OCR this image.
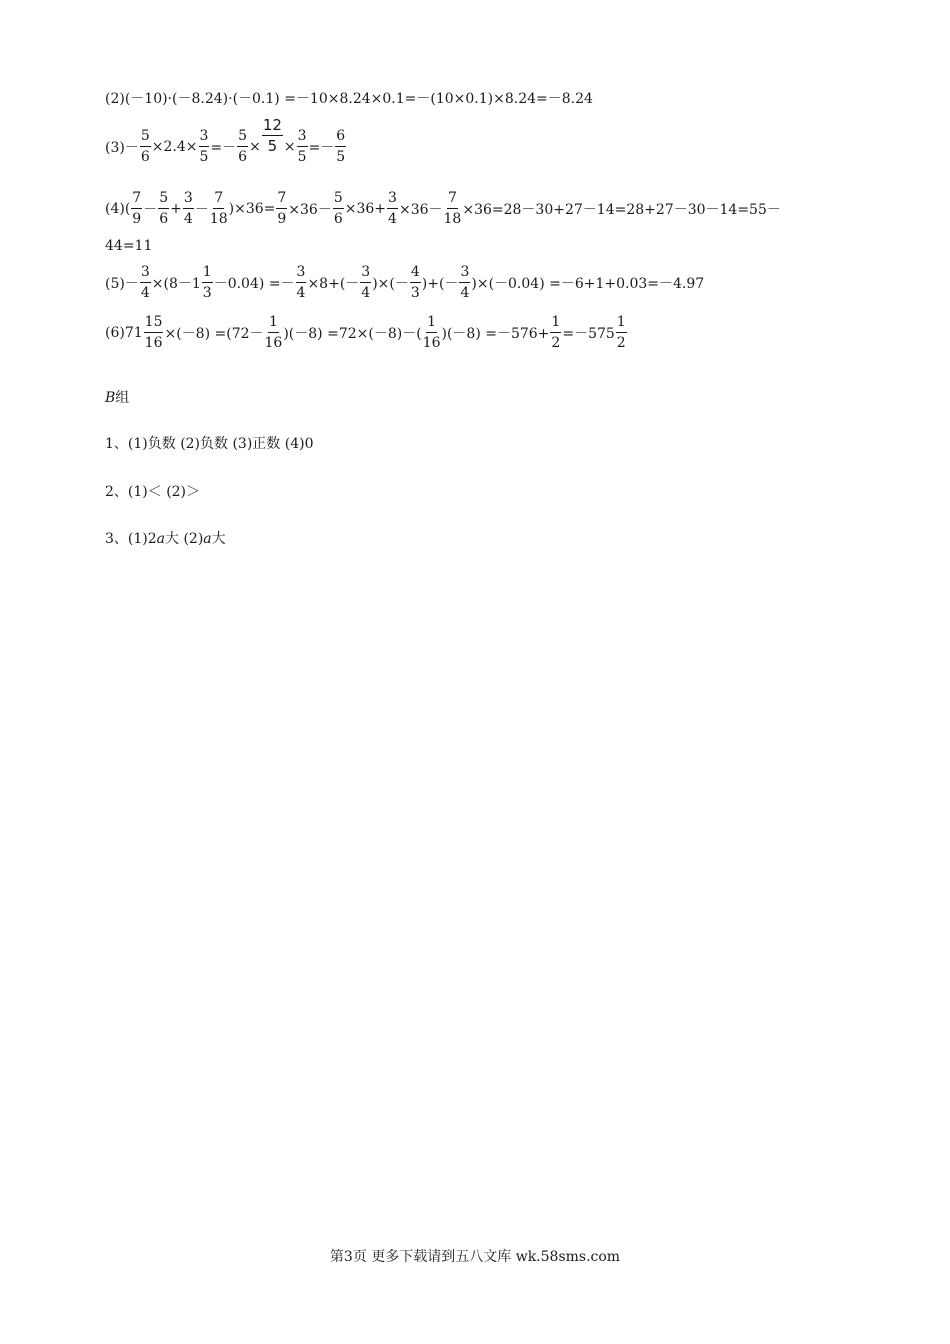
(2)(－10)·(－8.24)·(－0.1) =－10×8.24×0.1=－(10×0.1)×8.24=－8.24
$(3)- \frac{5}{6} \times 2.4\times \frac{3}{5} =- \frac{5}{6} \times \frac{12}{5} \times \frac{3}{5} =- \frac{6}{5}$
$(4)( \frac{7}{9} - \frac{5}{6} + \frac{3}{4} - \frac{7}{18} )\times 36= \frac{7}{9} \times 36- \frac{5}{6} \times 36+ \frac{3}{4} \times 36- \frac{7}{18} \times 36=28-30+27-14=28+27-30-14=55-$
44=11
$(5)- \frac{3}{4} \times(8-1 \frac{1}{3} -0.04) =- \frac{3}{4} \times 8+(- \frac{3}{4}$ )×(－ $\frac{4}{3}$ )+(－ $\frac{3}{4} )\times(-0.04) =-6+1+0.03=-4.97$
$(6)71 \frac{15}{16} \times(-8) =(72- \frac{1}{16} )(-8) =72\times(-8)-( \frac{1}{16} )(-8) =-576+ \frac{1}{2} =-575 \frac{1}{2}$
B组
1、(1)负数 (2)负数 (3)正数 (4)0
2、(1)＜ (2)＞
3、(1)2a大 (2)a大
第3页 更多下载请到五八文库 wk.58sms.com
